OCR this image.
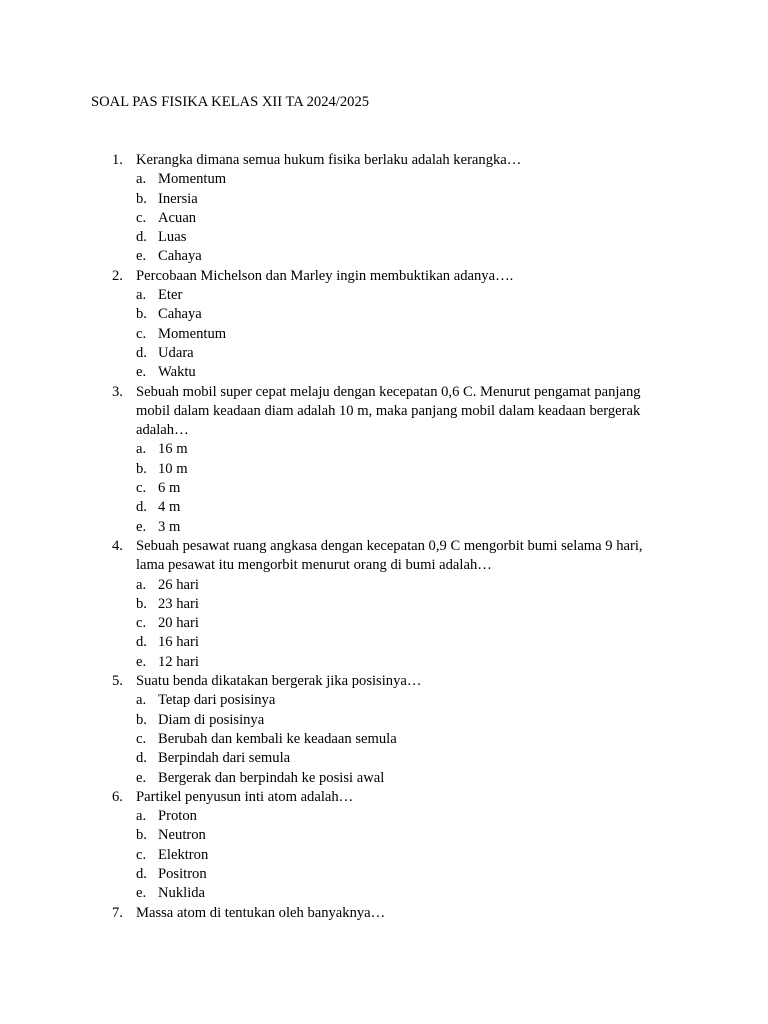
SOAL PAS FISIKA KELAS XII TA 2024/2025
1. Kerangka dimana semua hukum fisika berlaku adalah kerangka…
a. Momentum
b. Inersia
c. Acuan
d. Luas
e. Cahaya
2. Percobaan Michelson dan Marley ingin membuktikan adanya….
a. Eter
b. Cahaya
c. Momentum
d. Udara
e. Waktu
3. Sebuah mobil super cepat melaju dengan kecepatan 0,6 C. Menurut pengamat panjang mobil dalam keadaan diam adalah 10 m, maka panjang mobil dalam keadaan bergerak adalah…
a. 16 m
b. 10 m
c. 6 m
d. 4 m
e. 3 m
4. Sebuah pesawat ruang angkasa dengan kecepatan 0,9 C mengorbit bumi selama 9 hari, lama pesawat itu mengorbit menurut orang di bumi adalah…
a. 26 hari
b. 23 hari
c. 20 hari
d. 16 hari
e. 12 hari
5. Suatu benda dikatakan bergerak jika posisinya…
a. Tetap dari posisinya
b. Diam di posisinya
c. Berubah dan kembali ke keadaan semula
d. Berpindah dari semula
e. Bergerak dan berpindah ke posisi awal
6. Partikel penyusun inti atom adalah…
a. Proton
b. Neutron
c. Elektron
d. Positron
e. Nuklida
7. Massa atom di tentukan oleh banyaknya…
